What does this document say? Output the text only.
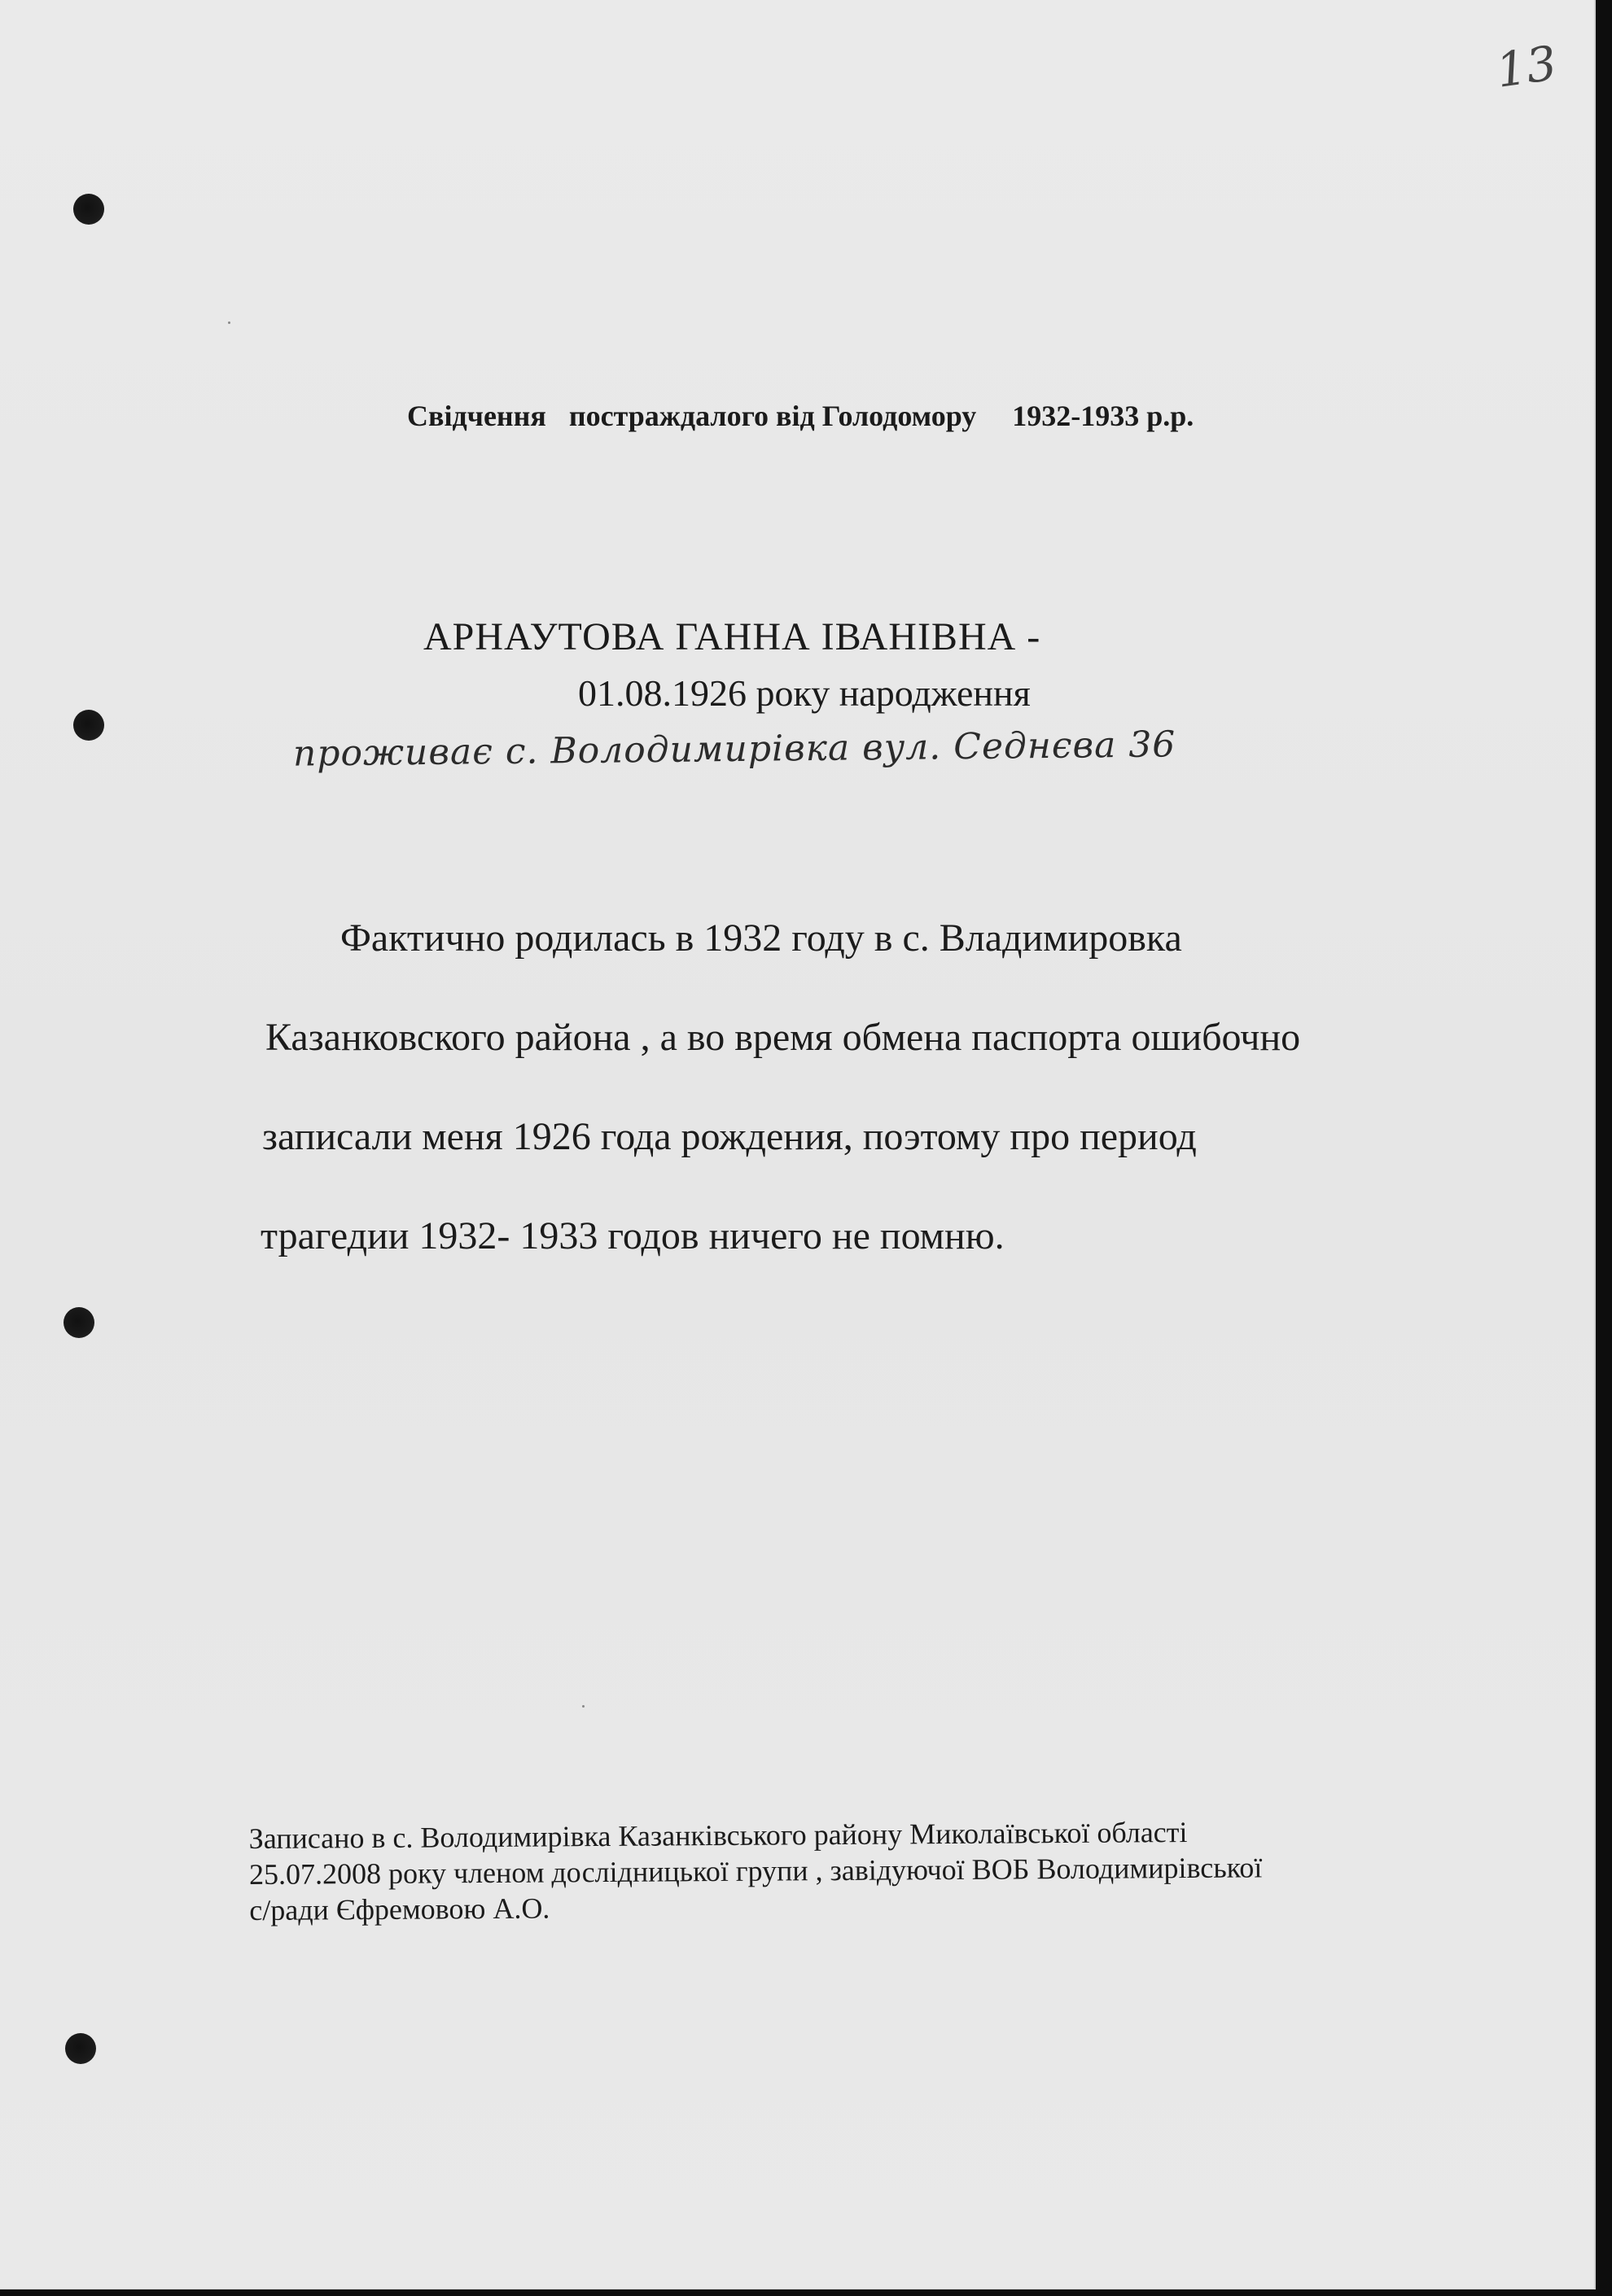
13
Свідчення постраждалого від Голодомору 1932-1933 р.р.
АРНАУТОВА ГАННА ІВАНІВНА -
01.08.1926 року народження
проживає с. Володимирівка вул. Седнєва 36
Фактично родилась в 1932 году в с. Владимировка
Казанковского района , а во время обмена паспорта ошибочно
записали меня 1926 года рождения, поэтому про период
трагедии 1932- 1933 годов ничего не помню.
Записано в с. Володимирівка Казанківського району Миколаївської області
25.07.2008 року членом дослідницької групи , завідуючої ВОБ Володимирівської
с/ради Єфремовою А.О.
